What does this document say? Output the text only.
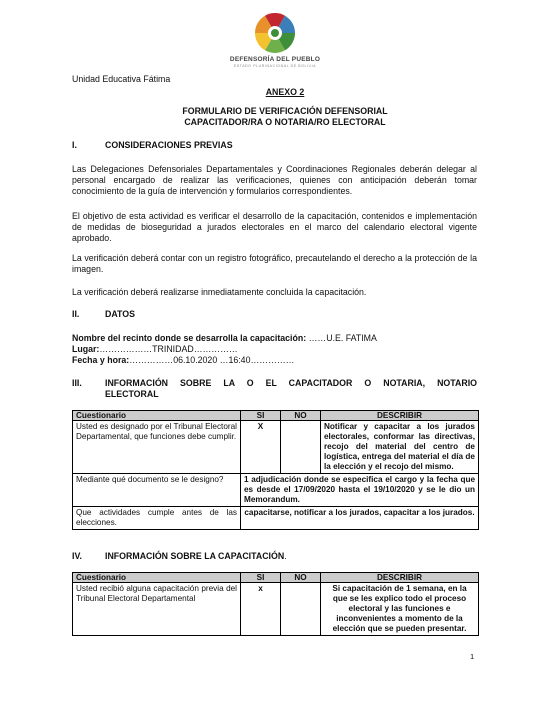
DEFENSORÍA DEL PUEBLO
ESTADO PLURINACIONAL DE BOLIVIA
Unidad Educativa Fátima
ANEXO 2
FORMULARIO DE VERIFICACIÓN DEFENSORIAL
CAPACITADOR/RA O NOTARIA/RO ELECTORAL
I.	CONSIDERACIONES PREVIAS
Las Delegaciones Defensoriales Departamentales y Coordinaciones Regionales deberán delegar al personal encargado de realizar las verificaciones, quienes con anticipación deberán tomar conocimiento de la guía de intervención y formularios correspondientes.
El objetivo de esta actividad es verificar el desarrollo de la capacitación, contenidos e implementación de medidas de bioseguridad a jurados electorales en el marco del calendario electoral vigente aprobado.
La verificación deberá contar con un registro fotográfico, precautelando el derecho a la protección de la imagen.
La verificación deberá realizarse inmediatamente concluida la capacitación.
II.	DATOS
Nombre del recinto donde se desarrolla la capacitación: ……U.E. FATIMA
Lugar:………………TRINIDAD……………
Fecha y hora:……………06.10.2020 …16:40……………
III.	INFORMACIÓN SOBRE LA O EL CAPACITADOR O NOTARIA, NOTARIO
ELECTORAL
Cuestionario	SI	NO	DESCRIBIR
Usted es designado por el Tribunal Electoral Departamental, que funciones debe cumplir.	X		Notificar y capacitar a los jurados electorales, conformar las directivas, recojo del material del centro de logística, entrega del material el día de la elección y el recojo del mismo.
Mediante qué documento se le designo?	1 adjudicación donde se especifica el cargo y la fecha que es desde el 17/09/2020 hasta el 19/10/2020 y se le dio un Memorandum.		
Que actividades cumple antes de las elecciones.	capacitarse, notificar a los jurados, capacitar a los jurados.		
IV.	INFORMACIÓN SOBRE LA CAPACITACIÓN.
Cuestionario	SI	NO	DESCRIBIR
Usted recibió alguna capacitación previa del Tribunal Electoral Departamental	x		Si capacitación de 1 semana, en la que se les explico todo el proceso electoral y las funciones e inconvenientes a momento de la elección que se pueden presentar.
1
